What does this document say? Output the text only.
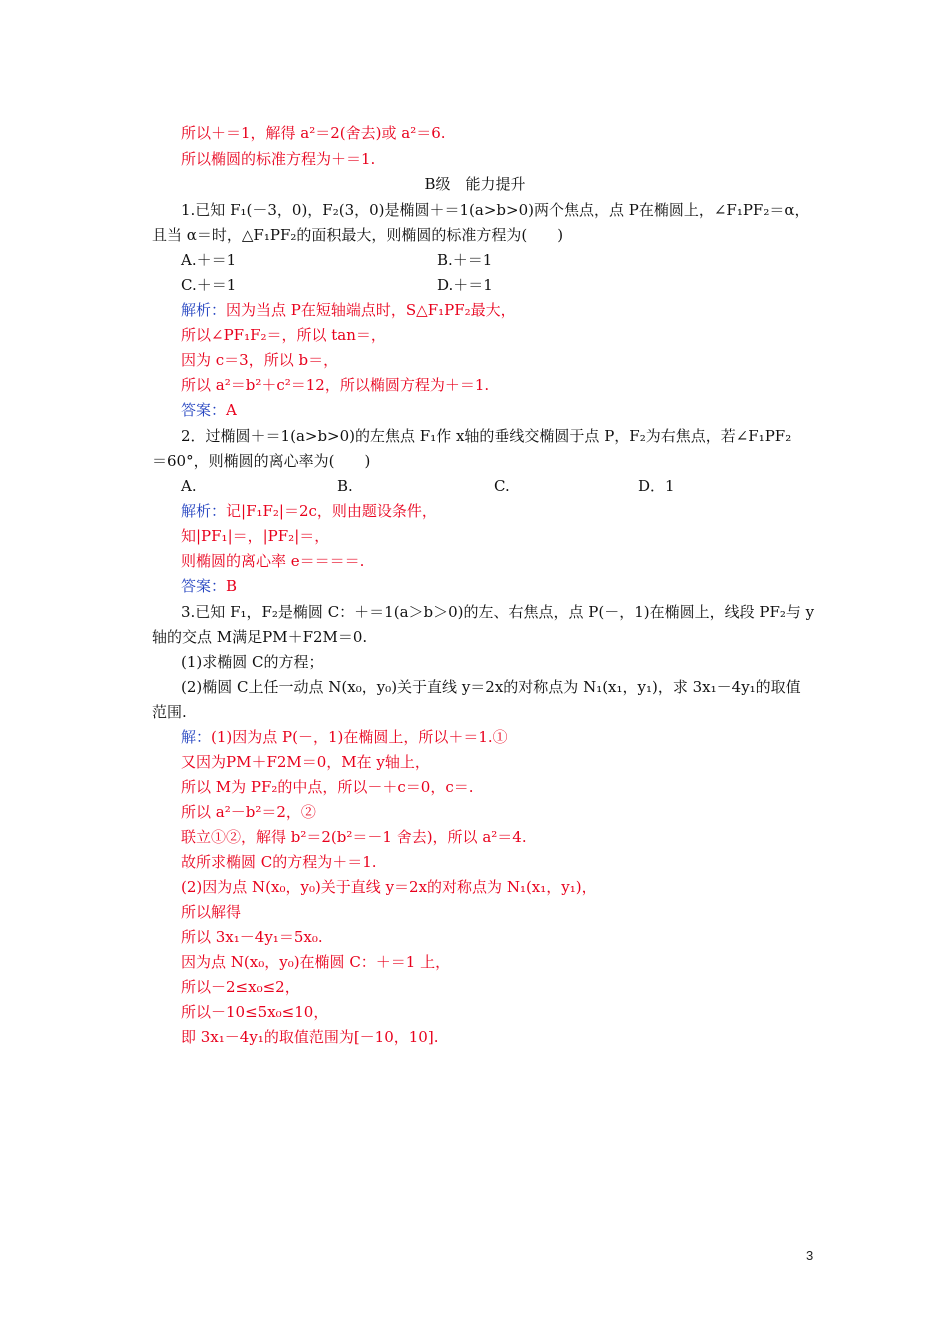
所以＋＝1，解得 a²＝2(舍去)或 a²＝6.
所以椭圆的标准方程为＋＝1.
B级　能力提升
1.已知 F₁(－3，0)，F₂(3，0)是椭圆＋＝1(a>b>0)两个焦点，点 P在椭圆上，∠F₁PF₂＝α，
且当 α＝时，△F₁PF₂的面积最大，则椭圆的标准方程为(　　)
A.＋＝1	B.＋＝1
C.＋＝1	D.＋＝1
解析：因为当点 P在短轴端点时，S△F₁PF₂最大，
所以∠PF₁F₂＝，所以 tan＝，
因为 c＝3，所以 b＝，
所以 a²＝b²＋c²＝12，所以椭圆方程为＋＝1.
答案：A
2．过椭圆＋＝1(a>b>0)的左焦点 F₁作 x轴的垂线交椭圆于点 P，F₂为右焦点，若∠F₁PF₂
＝60°，则椭圆的离心率为(　　)
A.	B.	C.	D．1
解析：记|F₁F₂|＝2c，则由题设条件，
知|PF₁|＝，|PF₂|＝，
则椭圆的离心率 e＝＝＝＝.
答案：B
3.已知 F₁，F₂是椭圆 C：＋＝1(a＞b＞0)的左、右焦点，点 P(－，1)在椭圆上，线段 PF₂与 y
轴的交点 M满足PM＋F2M＝0.
(1)求椭圆 C的方程；
(2)椭圆 C上任一动点 N(x₀，y₀)关于直线 y＝2x的对称点为 N₁(x₁，y₁)，求 3x₁－4y₁的取值
范围.
解：(1)因为点 P(－，1)在椭圆上，所以＋＝1.①
又因为PM＋F2M＝0，M在 y轴上，
所以 M为 PF₂的中点，所以－＋c＝0，c＝.
所以 a²－b²＝2，②
联立①②，解得 b²＝2(b²＝－1 舍去)，所以 a²＝4.
故所求椭圆 C的方程为＋＝1.
(2)因为点 N(x₀，y₀)关于直线 y＝2x的对称点为 N₁(x₁，y₁)，
所以解得
所以 3x₁－4y₁＝5x₀.
因为点 N(x₀，y₀)在椭圆 C：＋＝1 上，
所以－2≤x₀≤2，
所以－10≤5x₀≤10，
即 3x₁－4y₁的取值范围为[－10，10].
3
